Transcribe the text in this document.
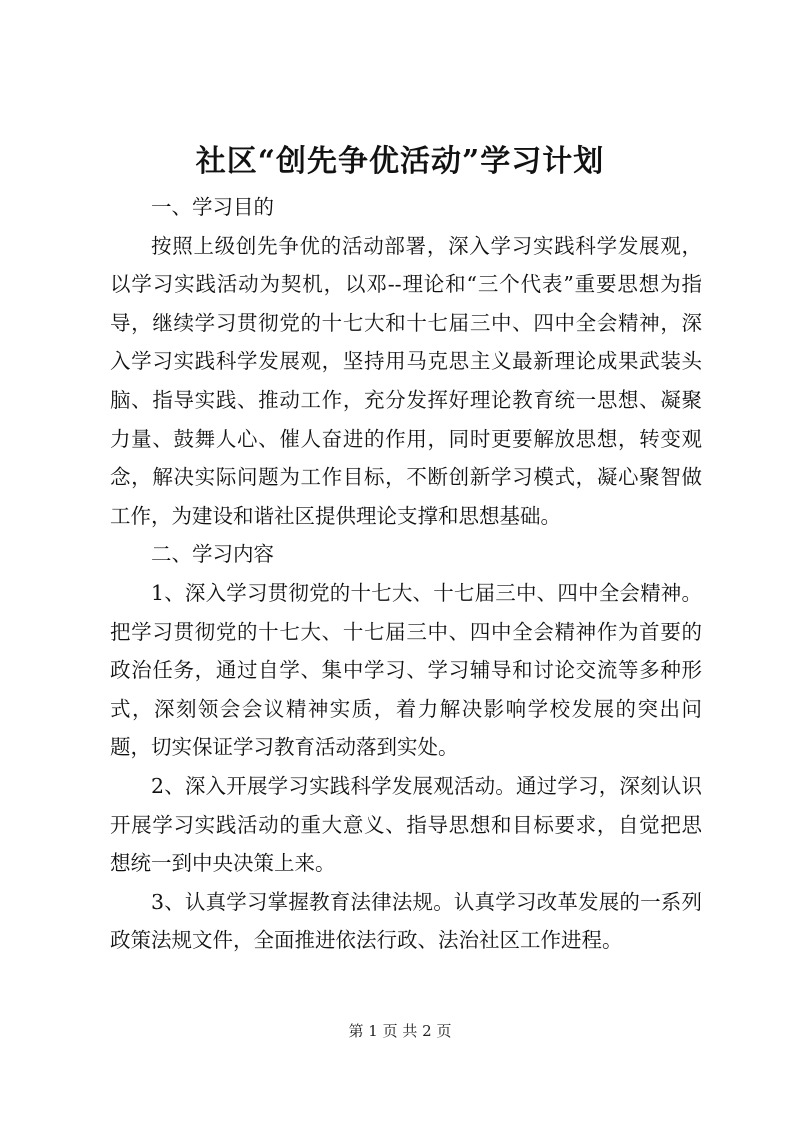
社区“创先争优活动”学习计划

一、学习目的

按照上级创先争优的活动部署，深入学习实践科学发展观，以学习实践活动为契机，以邓--理论和“三个代表”重要思想为指导，继续学习贯彻党的十七大和十七届三中、四中全会精神，深入学习实践科学发展观，坚持用马克思主义最新理论成果武装头脑、指导实践、推动工作，充分发挥好理论教育统一思想、凝聚力量、鼓舞人心、催人奋进的作用，同时更要解放思想，转变观念，解决实际问题为工作目标，不断创新学习模式，凝心聚智做工作，为建设和谐社区提供理论支撑和思想基础。

二、学习内容

1、深入学习贯彻党的十七大、十七届三中、四中全会精神。把学习贯彻党的十七大、十七届三中、四中全会精神作为首要的政治任务，通过自学、集中学习、学习辅导和讨论交流等多种形式，深刻领会会议精神实质，着力解决影响学校发展的突出问题，切实保证学习教育活动落到实处。

2、深入开展学习实践科学发展观活动。通过学习，深刻认识开展学习实践活动的重大意义、指导思想和目标要求，自觉把思想统一到中央决策上来。

3、认真学习掌握教育法律法规。认真学习改革发展的一系列政策法规文件，全面推进依法行政、法治社区工作进程。

第 1 页 共 2 页
